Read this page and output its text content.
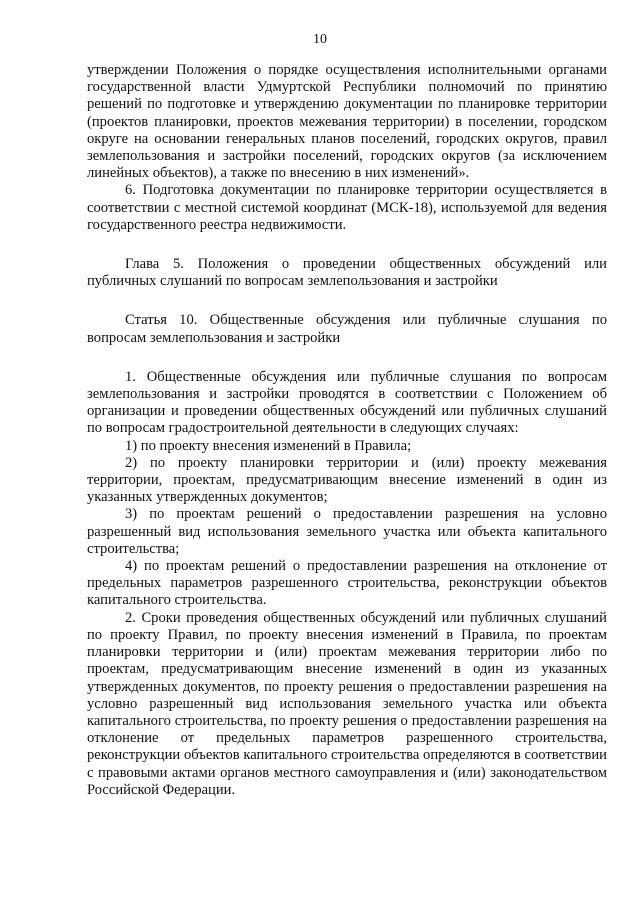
10

утверждении Положения о порядке осуществления исполнительными органами государственной власти Удмуртской Республики полномочий по принятию решений по подготовке и утверждению документации по планировке территории (проектов планировки, проектов межевания территории) в поселении, городском округе на основании генеральных планов поселений, городских округов, правил землепользования и застройки поселений, городских округов (за исключением линейных объектов), а также по внесению в них изменений».

6. Подготовка документации по планировке территории осуществляется в соответствии с местной системой координат (МСК-18), используемой для ведения государственного реестра недвижимости.

Глава 5. Положения о проведении общественных обсуждений или публичных слушаний по вопросам землепользования и застройки

Статья 10. Общественные обсуждения или публичные слушания по вопросам землепользования и застройки

1. Общественные обсуждения или публичные слушания по вопросам землепользования и застройки проводятся в соответствии с Положением об организации и проведении общественных обсуждений или публичных слушаний по вопросам градостроительной деятельности в следующих случаях:

1) по проекту внесения изменений в Правила;

2) по проекту планировки территории и (или) проекту межевания территории, проектам, предусматривающим внесение изменений в один из указанных утвержденных документов;

3) по проектам решений о предоставлении разрешения на условно разрешенный вид использования земельного участка или объекта капитального строительства;

4) по проектам решений о предоставлении разрешения на отклонение от предельных параметров разрешенного строительства, реконструкции объектов капитального строительства.

2. Сроки проведения общественных обсуждений или публичных слушаний по проекту Правил, по проекту внесения изменений в Правила, по проектам планировки территории и (или) проектам межевания территории либо по проектам, предусматривающим внесение изменений в один из указанных утвержденных документов, по проекту решения о предоставлении разрешения на условно разрешенный вид использования земельного участка или объекта капитального строительства, по проекту решения о предоставлении разрешения на отклонение от предельных параметров разрешенного строительства, реконструкции объектов капитального строительства определяются в соответствии с правовыми актами органов местного самоуправления и (или) законодательством Российской Федерации.
